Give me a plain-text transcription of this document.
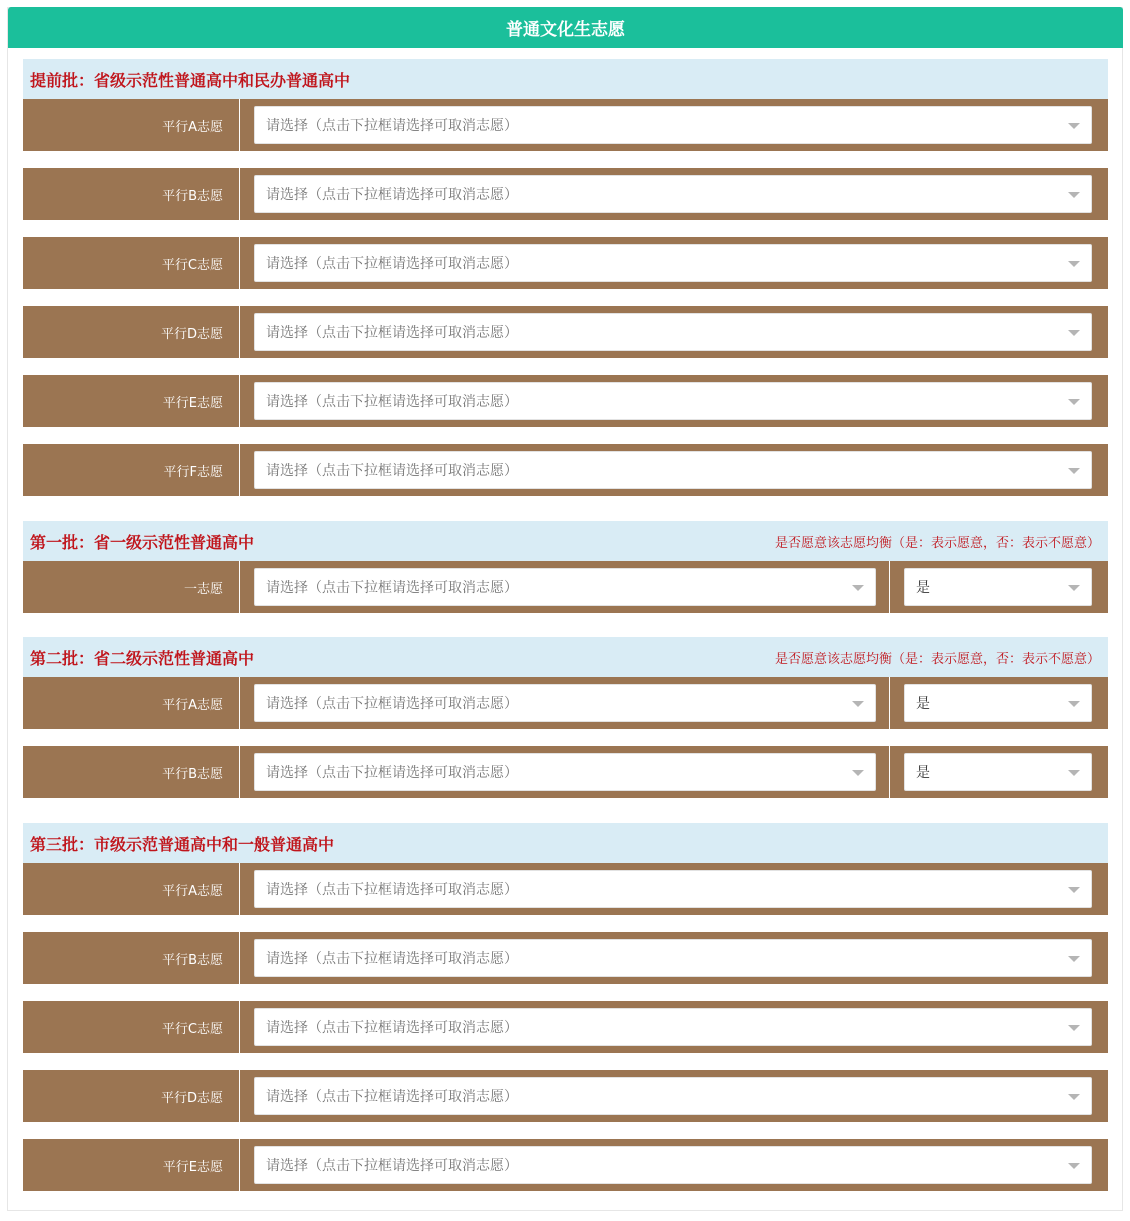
普通文化生志愿
提前批：省级示范性普通高中和民办普通高中
平行A志愿	请选择（点击下拉框请选择可取消志愿）
平行B志愿	请选择（点击下拉框请选择可取消志愿）
平行C志愿	请选择（点击下拉框请选择可取消志愿）
平行D志愿	请选择（点击下拉框请选择可取消志愿）
平行E志愿	请选择（点击下拉框请选择可取消志愿）
平行F志愿	请选择（点击下拉框请选择可取消志愿）
第一批：省一级示范性普通高中	是否愿意该志愿均衡（是：表示愿意，否：表示不愿意）
一志愿	请选择（点击下拉框请选择可取消志愿）	是
第二批：省二级示范性普通高中	是否愿意该志愿均衡（是：表示愿意，否：表示不愿意）
平行A志愿	请选择（点击下拉框请选择可取消志愿）	是
平行B志愿	请选择（点击下拉框请选择可取消志愿）	是
第三批：市级示范普通高中和一般普通高中
平行A志愿	请选择（点击下拉框请选择可取消志愿）
平行B志愿	请选择（点击下拉框请选择可取消志愿）
平行C志愿	请选择（点击下拉框请选择可取消志愿）
平行D志愿	请选择（点击下拉框请选择可取消志愿）
平行E志愿	请选择（点击下拉框请选择可取消志愿）
